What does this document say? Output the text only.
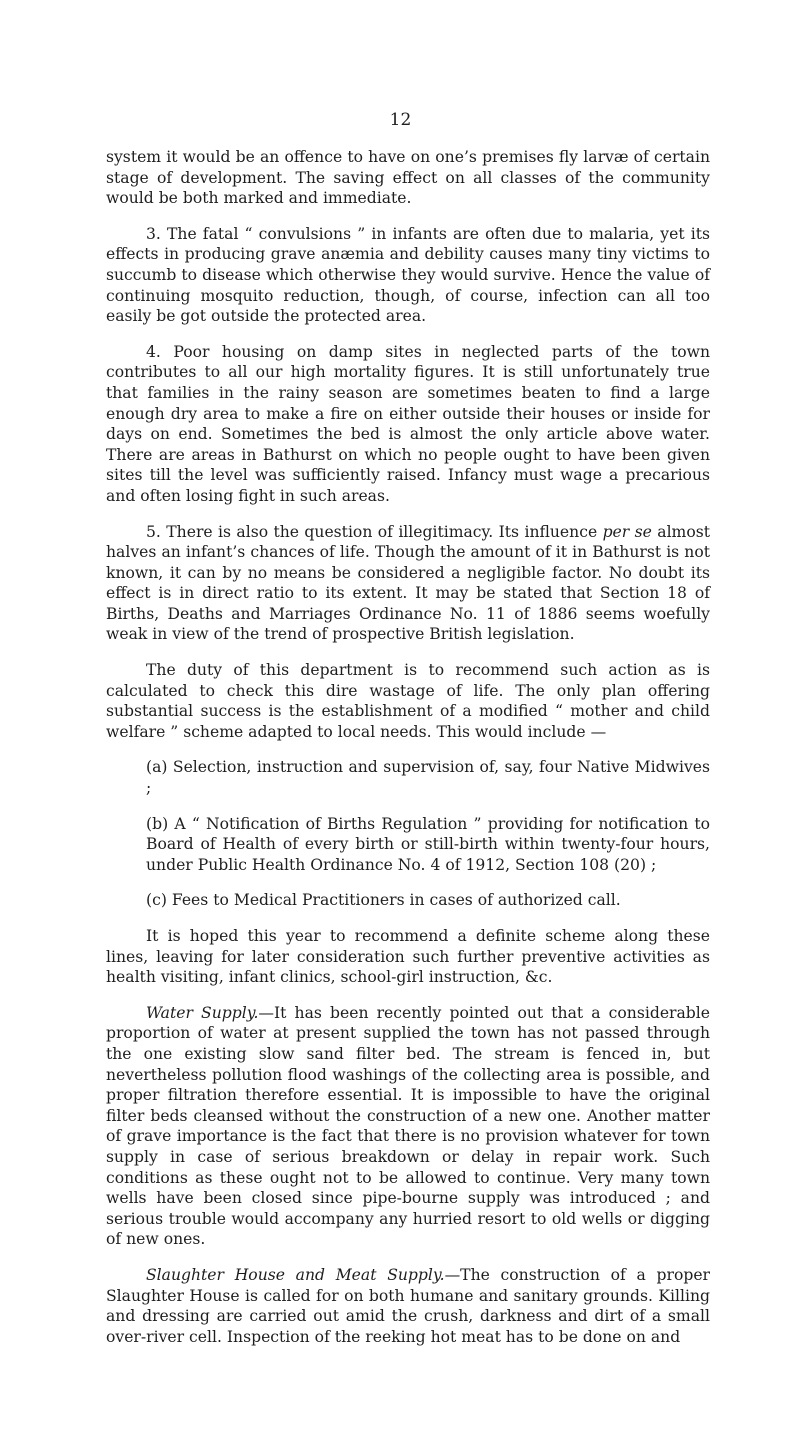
12

system it would be an offence to have on one’s premises fly larvæ of certain stage of development. The saving effect on all classes of the community would be both marked and immediate.

3. The fatal “ convulsions ” in infants are often due to malaria, yet its effects in producing grave anæmia and debility causes many tiny victims to succumb to disease which otherwise they would survive. Hence the value of continuing mosquito reduction, though, of course, infection can all too easily be got outside the protected area.

4. Poor housing on damp sites in neglected parts of the town contributes to all our high mortality figures. It is still unfortunately true that families in the rainy season are sometimes beaten to find a large enough dry area to make a fire on either outside their houses or inside for days on end. Sometimes the bed is almost the only article above water. There are areas in Bathurst on which no people ought to have been given sites till the level was sufficiently raised. Infancy must wage a precarious and often losing fight in such areas.

5. There is also the question of illegitimacy. Its influence per se almost halves an infant’s chances of life. Though the amount of it in Bathurst is not known, it can by no means be considered a negligible factor. No doubt its effect is in direct ratio to its extent. It may be stated that Section 18 of Births, Deaths and Marriages Ordinance No. 11 of 1886 seems woefully weak in view of the trend of prospective British legislation.

The duty of this department is to recommend such action as is calculated to check this dire wastage of life. The only plan offering substantial success is the establishment of a modified “ mother and child welfare ” scheme adapted to local needs. This would include —

(a) Selection, instruction and supervision of, say, four Native Midwives ;

(b) A “ Notification of Births Regulation ” providing for notification to Board of Health of every birth or still-birth within twenty-four hours, under Public Health Ordinance No. 4 of 1912, Section 108 (20) ;

(c) Fees to Medical Practitioners in cases of authorized call.

It is hoped this year to recommend a definite scheme along these lines, leaving for later consideration such further preventive activities as health visiting, infant clinics, school-girl instruction, &c.

Water Supply.—It has been recently pointed out that a considerable proportion of water at present supplied the town has not passed through the one existing slow sand filter bed. The stream is fenced in, but nevertheless pollution flood washings of the collecting area is possible, and proper filtration therefore essential. It is impossible to have the original filter beds cleansed without the construction of a new one. Another matter of grave importance is the fact that there is no provision whatever for town supply in case of serious breakdown or delay in repair work. Such conditions as these ought not to be allowed to continue. Very many town wells have been closed since pipe-bourne supply was introduced ; and serious trouble would accompany any hurried resort to old wells or digging of new ones.

Slaughter House and Meat Supply.—The construction of a proper Slaughter House is called for on both humane and sanitary grounds. Killing and dressing are carried out amid the crush, darkness and dirt of a small over-river cell. Inspection of the reeking hot meat has to be done on and
